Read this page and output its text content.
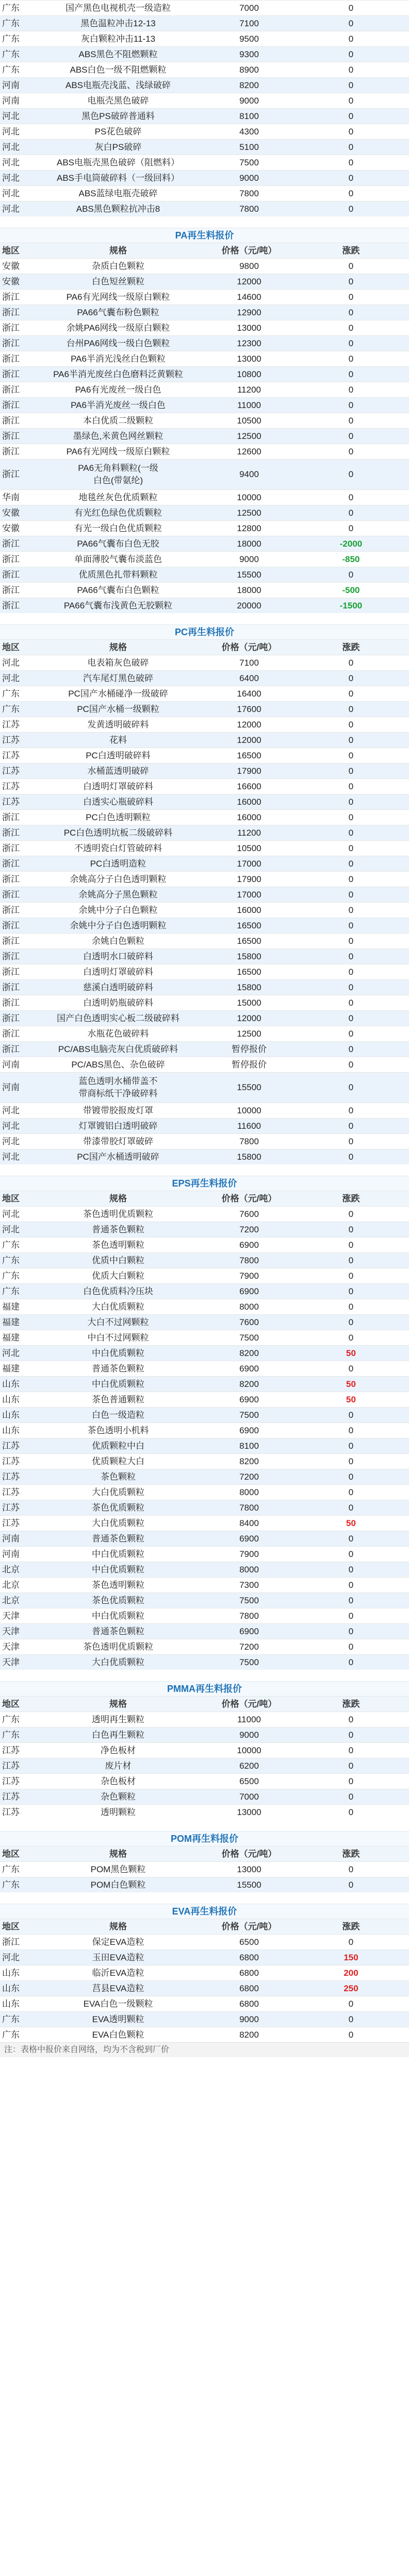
广东	国产黑色电视机壳一级造粒	7000	0
广东	黑色温粒冲击12-13	7100	0
广东	灰白颗粒冲击11-13	9500	0
广东	ABS黑色不阻燃颗粒	9300	0
广东	ABS白色一级不阻燃颗粒	8900	0
河南	ABS电瓶壳浅蓝、浅绿破碎	8200	0
河南	电瓶壳黑色破碎	9000	0
河北	黑色PS破碎普通料	8100	0
河北	PS花色破碎	4300	0
河北	灰白PS破碎	5100	0
河北	ABS电瓶壳黑色破碎（阻燃料）	7500	0
河北	ABS手电筒破碎料（一级回料）	9000	0
河北	ABS蓝绿电瓶壳破碎	7800	0
河北	ABS黑色颗粒抗冲击8	7800	0
PA再生料报价
地区	规格	价格（元/吨）	涨跌
安徽	杂质白色颗粒	9800	0
安徽	白色短丝颗粒	12000	0
浙江	PA6有光网线一级原白颗粒	14600	0
浙江	PA66气囊布粉色颗粒	12900	0
浙江	余姚PA6网线一级原白颗粒	13000	0
浙江	台州PA6网线一级白色颗粒	12300	0
浙江	PA6半消光浅丝白色颗粒	13000	0
浙江	PA6半消光废丝白色磨料泛黄颗粒	10800	0
浙江	PA6有光废丝一级白色	11200	0
浙江	PA6半消光废丝一级白色	11000	0
浙江	本白优质二级颗粒	10500	0
浙江	墨绿色,米黄色网丝颗粒	12500	0
浙江	PA6有光网线一级原白颗粒	12600	0
浙江	PA6无角料颗粒(一级白色(带氨纶)	9400	0
华南	地毯丝灰色优质颗粒	10000	0
安徽	有光红色绿色优质颗粒	12500	0
安徽	有光一级白色优质颗粒	12800	0
浙江	PA66气囊布白色无胶	18000	-2000
浙江	单面薄胶气囊布淡蓝色	9000	-850
浙江	优质黑色扎带料颗粒	15500	0
浙江	PA66气囊布白色颗粒	18000	-500
浙江	PA66气囊布浅黄色无胶颗粒	20000	-1500
PC再生料报价
地区	规格	价格（元/吨）	涨跌
河北	电表箱灰色破碎	7100	0
河北	汽车尾灯黑色破碎	6400	0
广东	PC国产水桶碰净一级破碎	16400	0
广东	PC国产水桶一级颗粒	17600	0
江苏	发黄透明破碎料	12000	0
江苏	花料	12000	0
江苏	PC白透明破碎料	16500	0
江苏	水桶蓝透明破碎	17900	0
江苏	白透明灯罩破碎料	16600	0
江苏	白透实心瓶破碎料	16000	0
浙江	PC白色透明颗粒	16000	0
浙江	PC白色透明坑板二级破碎料	11200	0
浙江	不透明瓷白灯管破碎料	10500	0
浙江	PC白透明造粒	17000	0
浙江	余姚高分子白色透明颗粒	17900	0
浙江	余姚高分子黑色颗粒	17000	0
浙江	余姚中分子白色颗粒	16000	0
浙江	余姚中分子白色透明颗粒	16500	0
浙江	余姚白色颗粒	16500	0
浙江	白透明水口破碎料	15800	0
浙江	白透明灯罩破碎料	16500	0
浙江	慈溪白透明破碎料	15800	0
浙江	白透明奶瓶破碎料	15000	0
浙江	国产白色透明实心板二级破碎料	12000	0
浙江	水瓶花色破碎料	12500	0
浙江	PC/ABS电脑壳灰白优质破碎料	暂停报价	0
河南	PC/ABS黑色、杂色破碎	暂停报价	0
河南	蓝色透明水桶带盖不带商标纸干净破碎料	15500	0
河北	带镀带胶报废灯罩	10000	0
河北	灯罩镀铝白透明破碎	11600	0
河北	带漆带胶灯罩破碎	7800	0
河北	PC国产水桶透明破碎	15800	0
EPS再生料报价
地区	规格	价格（元/吨）	涨跌
河北	茶色透明优质颗粒	7600	0
河北	普通茶色颗粒	7200	0
广东	茶色透明颗粒	6900	0
广东	优质中白颗粒	7800	0
广东	优质大白颗粒	7900	0
广东	白色优质料冷压块	6900	0
福建	大白优质颗粒	8000	0
福建	大白不过网颗粒	7600	0
福建	中白不过网颗粒	7500	0
河北	中白优质颗粒	8200	50
福建	普通茶色颗粒	6900	0
山东	中白优质颗粒	8200	50
山东	茶色普通颗粒	6900	50
山东	白色一级造粒	7500	0
山东	茶色透明小机料	6900	0
江苏	优质颗粒中白	8100	0
江苏	优质颗粒大白	8200	0
江苏	茶色颗粒	7200	0
江苏	大白优质颗粒	8000	0
江苏	茶色优质颗粒	7800	0
江苏	大白优质颗粒	8400	50
河南	普通茶色颗粒	6900	0
河南	中白优质颗粒	7900	0
北京	中白优质颗粒	8000	0
北京	茶色透明颗粒	7300	0
北京	茶色优质颗粒	7500	0
天津	中白优质颗粒	7800	0
天津	普通茶色颗粒	6900	0
天津	茶色透明优质颗粒	7200	0
天津	大白优质颗粒	7500	0
PMMA再生料报价
地区	规格	价格（元/吨）	涨跌
广东	透明再生颗粒	11000	0
广东	白色再生颗粒	9000	0
江苏	净色板材	10000	0
江苏	废片材	6200	0
江苏	杂色板材	6500	0
江苏	杂色颗粒	7000	0
江苏	透明颗粒	13000	0
POM再生料报价
地区	规格	价格（元/吨）	涨跌
广东	POM黑色颗粒	13000	0
广东	POM白色颗粒	15500	0
EVA再生料报价
地区	规格	价格（元/吨）	涨跌
浙江	保定EVA造粒	6500	0
河北	玉田EVA造粒	6800	150
山东	临沂EVA造粒	6800	200
山东	莒县EVA造粒	6800	250
山东	EVA白色一级颗粒	6800	0
广东	EVA透明颗粒	9000	0
广东	EVA白色颗粒	8200	0
注：表格中报价来自网络，均为不含税到厂价
